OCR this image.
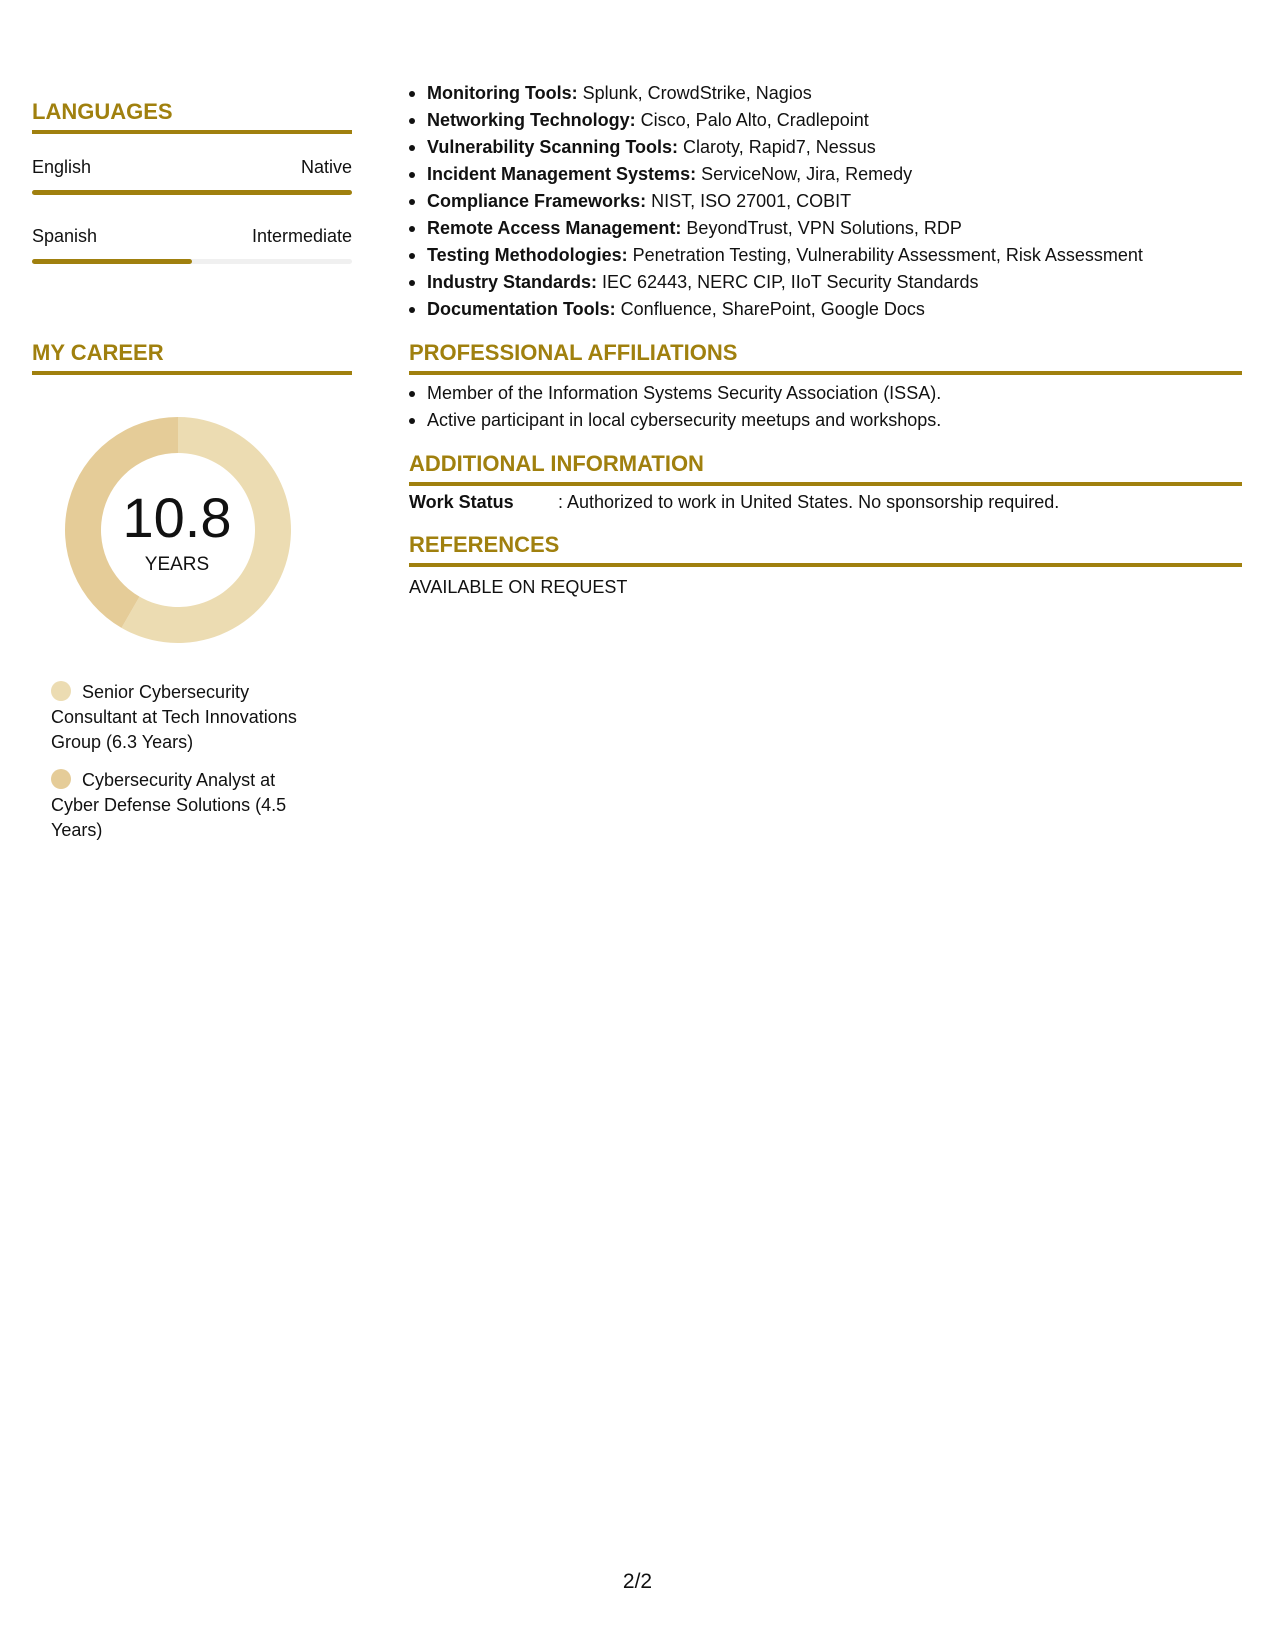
LANGUAGES
English	Native
Spanish	Intermediate
MY CAREER
10.8
YEARS
Senior Cybersecurity Consultant at Tech Innovations Group (6.3 Years)
Cybersecurity Analyst at Cyber Defense Solutions (4.5 Years)
Monitoring Tools: Splunk, CrowdStrike, Nagios
Networking Technology: Cisco, Palo Alto, Cradlepoint
Vulnerability Scanning Tools: Claroty, Rapid7, Nessus
Incident Management Systems: ServiceNow, Jira, Remedy
Compliance Frameworks: NIST, ISO 27001, COBIT
Remote Access Management: BeyondTrust, VPN Solutions, RDP
Testing Methodologies: Penetration Testing, Vulnerability Assessment, Risk Assessment
Industry Standards: IEC 62443, NERC CIP, IIoT Security Standards
Documentation Tools: Confluence, SharePoint, Google Docs
PROFESSIONAL AFFILIATIONS
Member of the Information Systems Security Association (ISSA).
Active participant in local cybersecurity meetups and workshops.
ADDITIONAL INFORMATION
Work Status : Authorized to work in United States. No sponsorship required.
REFERENCES
AVAILABLE ON REQUEST
2/2
